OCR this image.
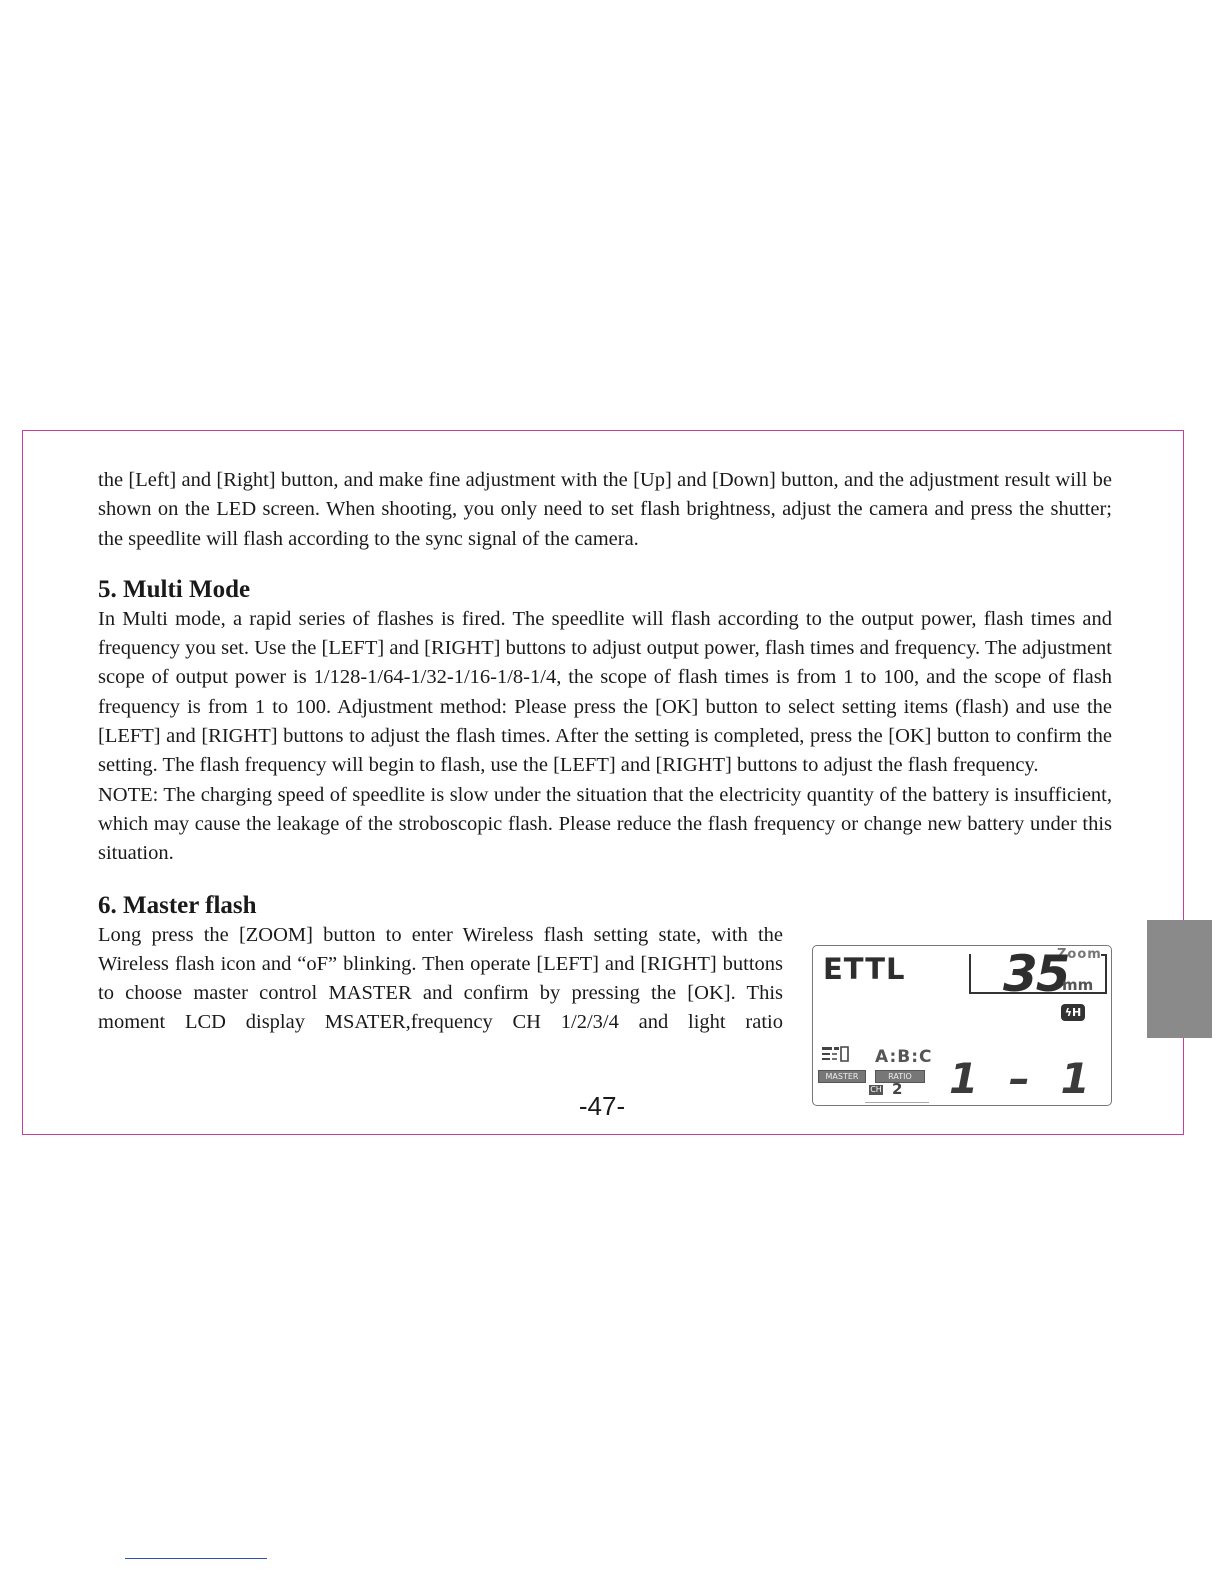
the [Left] and [Right] button, and make fine adjustment with the [Up] and [Down] button, and the adjustment result will be shown on the LED screen. When shooting, you only need to set flash brightness, adjust the camera and press the shutter; the speedlite will flash according to the sync signal of the camera.

5. Multi Mode

In Multi mode, a rapid series of flashes is fired. The speedlite will flash according to the output power, flash times and frequency you set. Use the [LEFT] and [RIGHT] buttons to adjust output power, flash times and frequency. The adjustment scope of output power is 1/128-1/64-1/32-1/16-1/8-1/4, the scope of flash times is from 1 to 100, and the scope of flash frequency is from 1 to 100. Adjustment method: Please press the [OK] button to select setting items (flash) and use the [LEFT] and [RIGHT] buttons to adjust the flash times. After the setting is completed, press the [OK] button to confirm the setting. The flash frequency will begin to flash, use the [LEFT] and [RIGHT] buttons to adjust the flash frequency.

NOTE: The charging speed of speedlite is slow under the situation that the electricity quantity of the battery is insufficient, which may cause the leakage of the stroboscopic flash. Please reduce the flash frequency or change new battery under this situation.

6. Master flash

Long press the [ZOOM] button to enter Wireless flash setting state, with the Wireless flash icon and “oF” blinking. Then operate [LEFT] and [RIGHT] buttons to choose master control MASTER and confirm by pressing the [OK]. This moment LCD display MSATER,frequency CH 1/2/3/4 and light ratio

ETTL	Zoom
35
mm
ϟH
MASTER
A:B:C
RATIO
CH 2 1 – 1
-47-
